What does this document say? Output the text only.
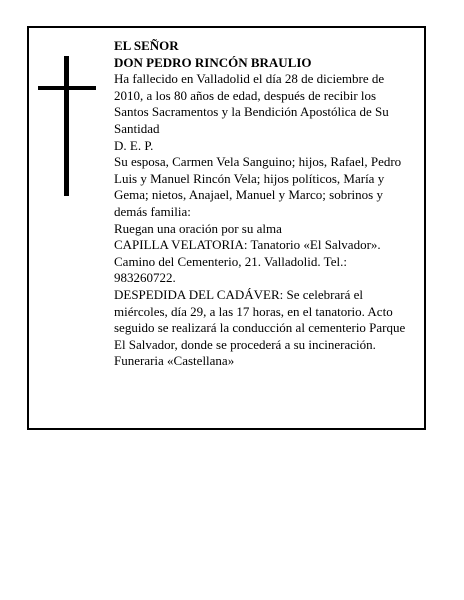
EL SEÑOR
DON PEDRO RINCÓN BRAULIO
Ha fallecido en Valladolid el día 28 de diciembre de 2010, a los 80 años de edad, después de recibir los Santos Sacramentos y la Bendición Apostólica de Su Santidad
D. E. P.
Su esposa, Carmen Vela Sanguino; hijos, Rafael, Pedro Luis y Manuel Rincón Vela; hijos políticos, María y Gema; nietos, Anajael, Manuel y Marco; sobrinos y demás familia:
Ruegan una oración por su alma
CAPILLA VELATORIA: Tanatorio «El Salvador». Camino del Cementerio, 21. Valladolid. Tel.: 983260722.
DESPEDIDA DEL CADÁVER: Se celebrará el miércoles, día 29, a las 17 horas, en el tanatorio. Acto seguido se realizará la conducción al cementerio Parque El Salvador, donde se procederá a su incineración.
Funeraria «Castellana»
